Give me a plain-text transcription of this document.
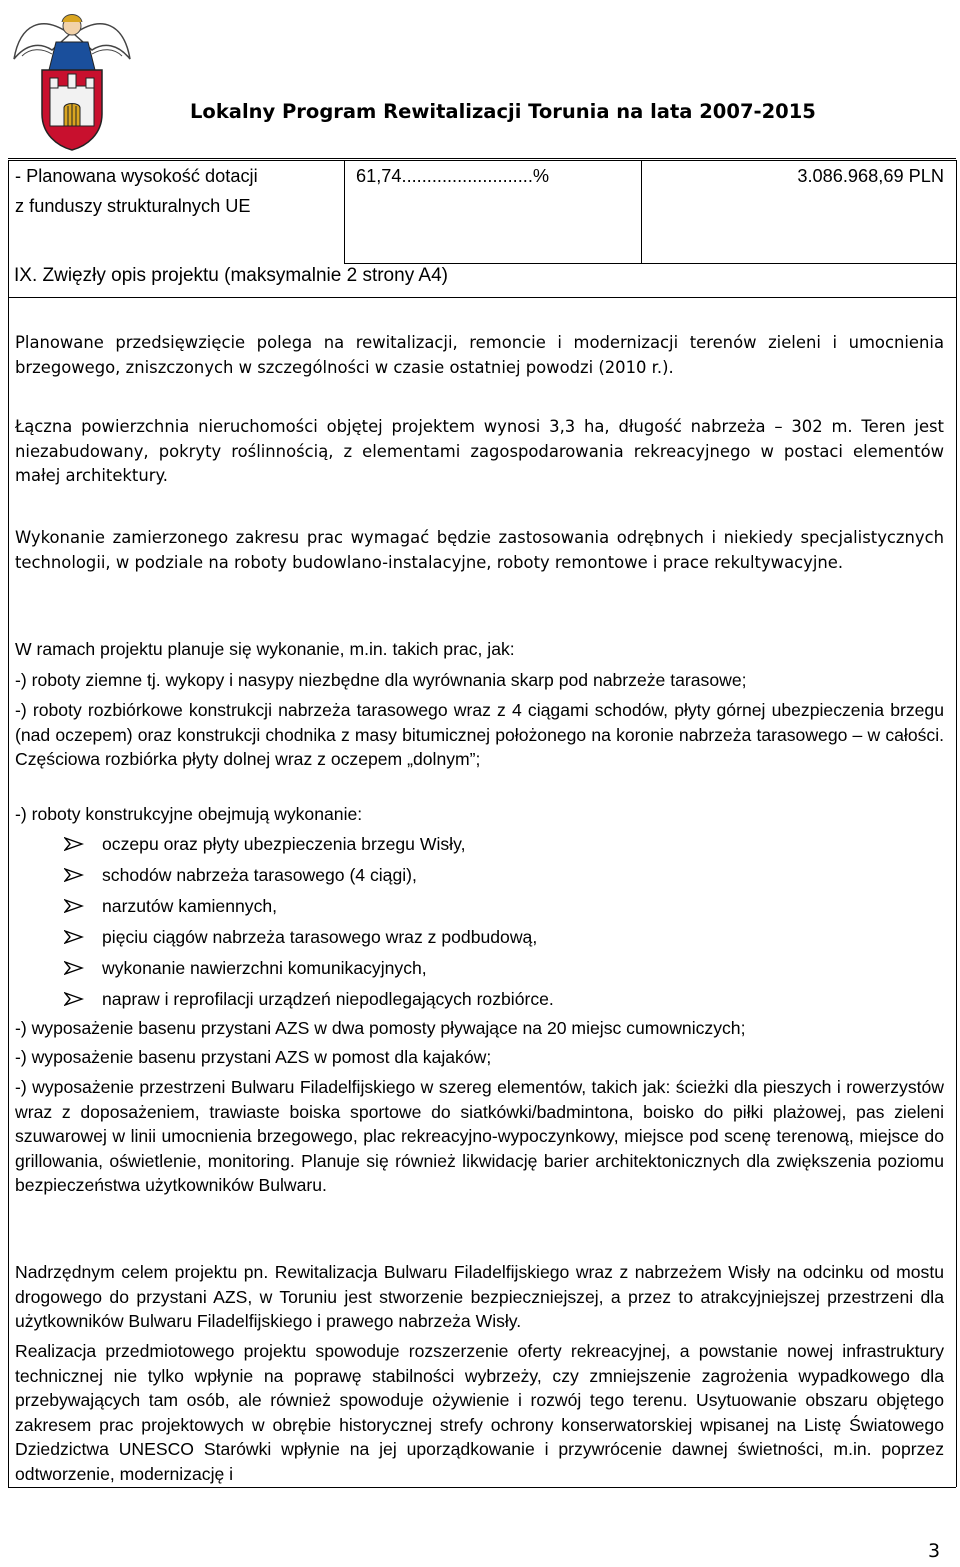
Lokalny Program Rewitalizacji Torunia na lata 2007-2015
- Planowana wysokość dotacji
z funduszy strukturalnych UE
61,74..........................%	3.086.968,69 PLN
IX. Zwięzły opis projektu (maksymalnie 2 strony A4)
Planowane przedsięwzięcie polega na rewitalizacji, remoncie i modernizacji terenów zieleni i umocnienia brzegowego, zniszczonych w szczególności w czasie ostatniej powodzi (2010 r.).
Łączna powierzchnia nieruchomości objętej projektem wynosi 3,3 ha, długość nabrzeża – 302 m. Teren jest niezabudowany, pokryty roślinnością, z elementami zagospodarowania rekreacyjnego w postaci elementów małej architektury.
Wykonanie zamierzonego zakresu prac wymagać będzie zastosowania odrębnych i niekiedy specjalistycznych technologii, w podziale na roboty budowlano-instalacyjne, roboty remontowe i prace rekultywacyjne.
W ramach projektu planuje się wykonanie, m.in. takich prac, jak:
-) roboty ziemne tj. wykopy i nasypy niezbędne dla wyrównania skarp pod nabrzeże tarasowe;
-) roboty rozbiórkowe konstrukcji nabrzeża tarasowego wraz z 4 ciągami schodów, płyty górnej ubezpieczenia brzegu (nad oczepem) oraz konstrukcji chodnika z masy bitumicznej położonego na koronie nabrzeża tarasowego – w całości. Częściowa rozbiórka płyty dolnej wraz z oczepem „dolnym”;
-) roboty konstrukcyjne obejmują wykonanie:
oczepu oraz płyty ubezpieczenia brzegu Wisły,
schodów nabrzeża tarasowego (4 ciągi),
narzutów kamiennych,
pięciu ciągów nabrzeża tarasowego wraz z podbudową,
wykonanie nawierzchni komunikacyjnych,
napraw i reprofilacji urządzeń niepodlegających rozbiórce.
-) wyposażenie basenu przystani AZS w dwa pomosty pływające na 20 miejsc cumowniczych;
-) wyposażenie basenu przystani AZS w pomost dla kajaków;
-) wyposażenie przestrzeni Bulwaru Filadelfijskiego w szereg elementów, takich jak: ścieżki dla pieszych i rowerzystów wraz z doposażeniem, trawiaste boiska sportowe do siatkówki/badmintona, boisko do piłki plażowej, pas zieleni szuwarowej w linii umocnienia brzegowego, plac rekreacyjno-wypoczynkowy, miejsce pod scenę terenową, miejsce do grillowania, oświetlenie, monitoring. Planuje się również likwidację barier architektonicznych dla zwiększenia poziomu bezpieczeństwa użytkowników Bulwaru.
Nadrzędnym celem projektu pn. Rewitalizacja Bulwaru Filadelfijskiego wraz z nabrzeżem Wisły na odcinku od mostu drogowego do przystani AZS, w Toruniu jest stworzenie bezpieczniejszej, a przez to atrakcyjniejszej przestrzeni dla użytkowników Bulwaru Filadelfijskiego i prawego nabrzeża Wisły.
Realizacja przedmiotowego projektu spowoduje rozszerzenie oferty rekreacyjnej, a powstanie nowej infrastruktury technicznej nie tylko wpłynie na poprawę stabilności wybrzeży, czy zmniejszenie zagrożenia wypadkowego dla przebywających tam osób, ale również spowoduje ożywienie i rozwój tego terenu. Usytuowanie obszaru objętego zakresem prac projektowych w obrębie historycznej strefy ochrony konserwatorskiej wpisanej na Listę Światowego Dziedzictwa UNESCO Starówki wpłynie na jej uporządkowanie i przywrócenie dawnej świetności, m.in. poprzez odtworzenie, modernizację i
3
